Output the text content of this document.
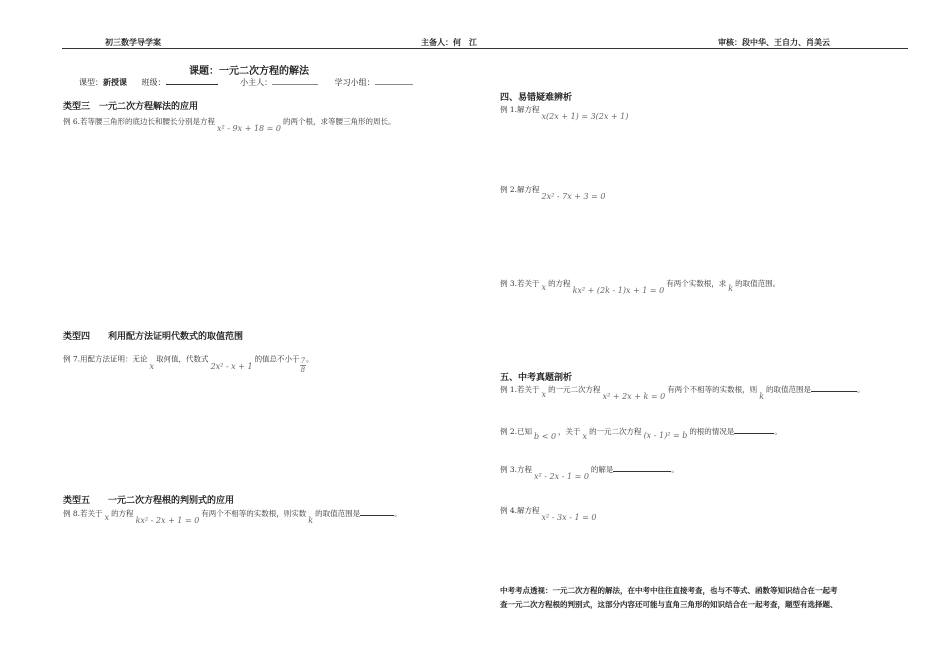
初三数学导学案	主备人：何　江	审核：段中华、王自力、肖美云
课题：一元二次方程的解法
课型：新授课 班级：	小主人：	学习小组：
类型三　一元二次方程解法的应用
例 6.若等腰三角形的底边长和腰长分别是方程x² - 9x + 18 = 0的两个根，求等腰三角形的周长。
类型四　　利用配方法证明代数式的取值范围
例 7.用配方法证明：无论x取何值，代数式2x² - x + 1的值总不小于 $\frac{7}{8}$ 。
类型五　　一元二次方程根的判别式的应用
例 8.若关于 x 的方程kx² - 2x + 1 = 0有两个不相等的实数根，则实数k的取值范围是	。
四、易错疑难辨析
例 1.解方程x(2x + 1) = 3(2x + 1)
例 2.解方程2x² - 7x + 3 = 0
例 3.若关于 x 的方程kx² + (2k - 1)x + 1 = 0有两个实数根，求k的取值范围。
五、中考真题剖析
例 1.若关于x的一元二次方程x² + 2x + k = 0有两个不相等的实数根，则k的取值范围是	。
例 2.已知b < 0，关于x的一元二次方程 (x - 1)² = b 的根的情况是	。
例 3.方程x² - 2x - 1 = 0的解是	。
例 4.解方程x² - 3x - 1 = 0
中考考点透视：一元二次方程的解法，在中考中往往直接考查，也与不等式、函数等知识结合在一起考
查一元二次方程根的判别式，这部分内容还可能与直角三角形的知识结合在一起考查，题型有选择题、
